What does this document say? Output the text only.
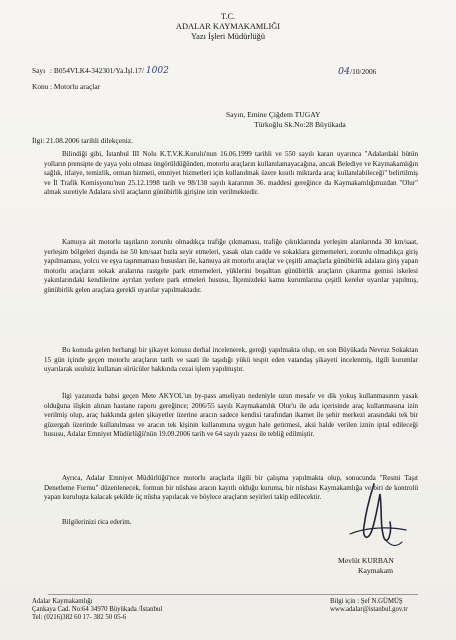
T.C.
ADALAR KAYMAKAMLIĞI
Yazı İşleri Müdürlüğü
Sayı : B054VLK4-342301/Ya.İşl.17/ 1002
Konu : Motorlu araçlar
04/10/2006
Sayın, Emine Çiğdem TUGAY
Türkoğlu Sk.No:28 Büyükada
İlgi: 21.08.2006 tarihli dilekçeniz.

Bilindiği gibi, İstanbul III Nolu K.T.V.K.Kurulu'nun 16.06.1999 tarihli ve 550 sayılı kararı uyarınca "Adalardaki bütün yolların prensipte de yaya yolu olması öngörüldüğünden, motorlu araçların kullanılamayacağına, ancak Belediye ve Kaymakamlığın sağlık, itfaiye, temizlik, orman hizmeti, emniyet hizmetleri için kullanılmak üzere kısıtlı miktarda araç kullanılabileceği" belirtilmiş ve İl Trafik Komisyonu'nun 25.12.1998 tarih ve 98/138 sayılı kararının 36. maddesi gereğince da Kaymakamlığımızdan "Olur" almak suretiyle Adalara sivil araçların günübirlik girişine izin verilmektedir.

Kamuya ait motorlu taşıtların zorunlu olmadıkça trafiğe çıkmaması, trafiğe çıktıklarında yerleşim alanlarında 30 km/saat, yerleşim bölgeleri dışında ise 50 km/saat hızla seyir etmeleri, yasak olan cadde ve sokaklara girmemeleri, zorunlu olmadıkça giriş yapılmaması, yolcu ve eşya taşınmaması hususları ile, kamuya ait motorlu araçlar ve çeşitli amaçlarla günübirlik adalara giriş yapan motorlu araçların sokak aralarına rastgele park etmemeleri, yüklerini boşalttan günübirlik araçların çıkartma gemisi iskelesi yakınlarındaki kendilerine ayrılan yerlere park etmeleri hususu, İlçemizdeki kamu kurumlarına çeşitli kereler uyarılar yapılmış, günübirlik gelen araçlara gerekli uyarılar yapılmaktadır.

Bu konuda gelen herhangi bir şikayet konusu derhal incelenerek, gereği yapılmakta olup, en son Büyükada Nevruz Sokaktan 15 gün içinde geçen motorlu araçların tarih ve saati ile taşıdığı yükü tespit eden vatandaş şikayeti incelenmiş, ilgili kurumlar uyarılarak usulsüz kullanan sürücüler hakkında cezai işlem yapılmıştır.

İlgi yazınızda bahsi geçen Mete AKYOL'un by-pass ameliyatı nedeniyle uzun mesafe ve dik yokuş kullanmasının yasak olduğuna ilişkin alınan hastane raporu gereğince; 2006/55 sayılı Kaymakamlık Olur'u ile ada içerisinde araç kullanmasına izin verilmiş olup, araç hakkında gelen şikayetler üzerine aracın sadece kendisi tarafından ikamet ile şehir merkezi arasındaki tek bir güzergah üzerinde kullanılması ve aracın tek kişinin kullanımına uygun hale getirmesi, aksi halde verilen iznin iptal edileceği hususu, Adalar Emniyet Müdürlüğü'nün 19.09.2006 tarih ve 64 sayılı yazısı ile tebliğ edilmiştir.

Ayrıca, Adalar Emniyet Müdürlüğü'nce motorlu araçlarla ilgili bir çalışma yapılmakta olup, sonucunda "Resmi Taşıt Denetleme Formu" düzenlenecek, formun bir nüshası aracın kayıtlı olduğu kuruma, bir nüshası Kaymakamlığa ve biri de kontrolü yapan kuruluşta kalacak şekilde üç nüsha yapılacak ve böylece araçların seyirleri takip edilecektir.

Bilgilerinizi rica ederim.
Mevlüt KURBAN
Kaymakam
Adalar Kaymakamlığı
Çankaya Cad. No:64 34970 Büyükada /İstanbul
Tel: (0216)382 60 17- 382 50 05-6
Bilgi için : Şef N.GÜMÜŞ
www.adalar@istanbul.gov.tr
